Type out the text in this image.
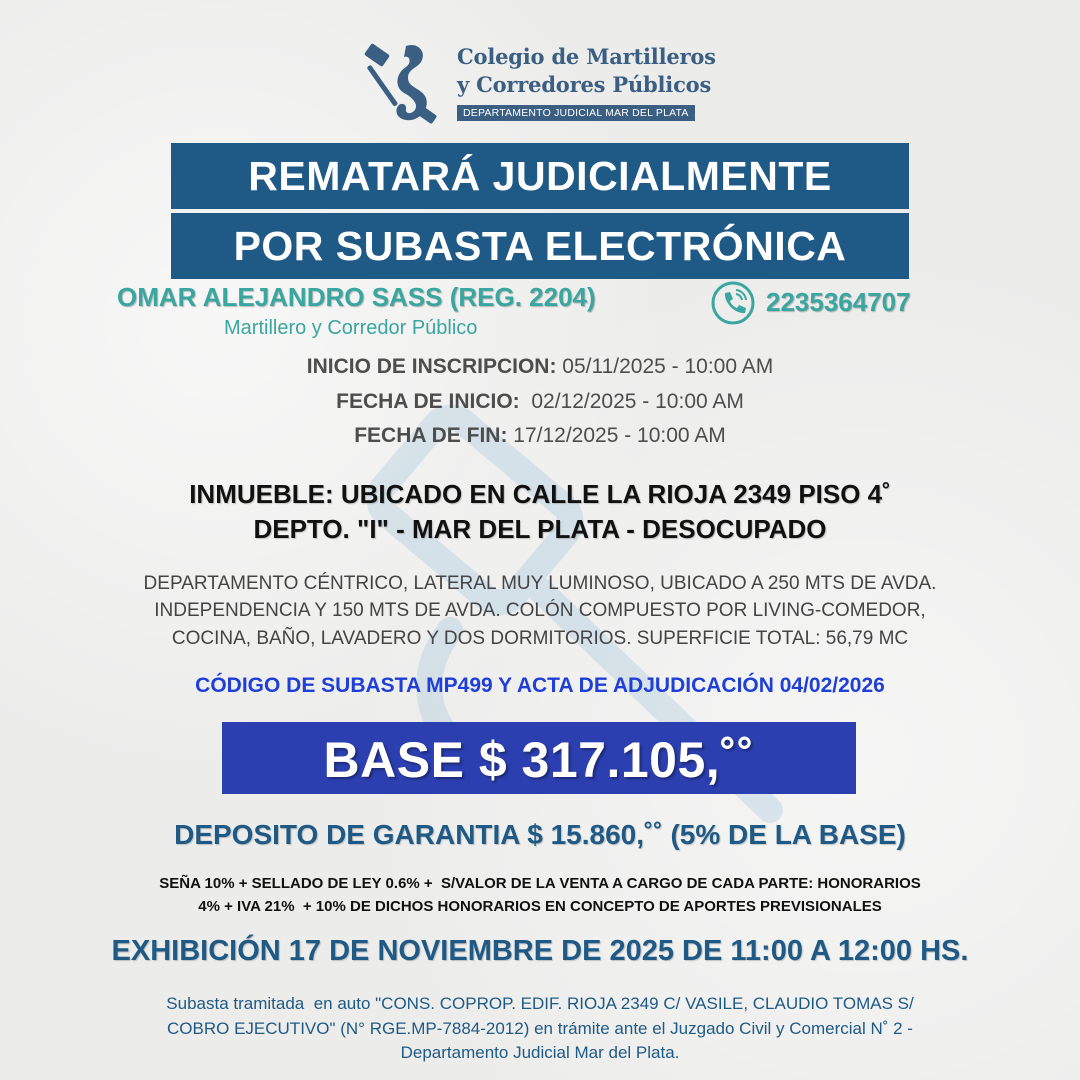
Colegio de Martilleros
y Corredores Públicos
DEPARTAMENTO JUDICIAL MAR DEL PLATA
REMATARÁ JUDICIALMENTE
POR SUBASTA ELECTRÓNICA
OMAR ALEJANDRO SASS (REG. 2204)
Martillero y Corredor Público
2235364707
INICIO DE INSCRIPCION: 05/11/2025 - 10:00 AM
FECHA DE INICIO:  02/12/2025 - 10:00 AM
FECHA DE FIN: 17/12/2025 - 10:00 AM
INMUEBLE: UBICADO EN CALLE LA RIOJA 2349 PISO 4˚
DEPTO. "I" - MAR DEL PLATA - DESOCUPADO
DEPARTAMENTO CÉNTRICO, LATERAL MUY LUMINOSO, UBICADO A 250 MTS DE AVDA.
INDEPENDENCIA Y 150 MTS DE AVDA. COLÓN COMPUESTO POR LIVING-COMEDOR,
COCINA, BAÑO, LAVADERO Y DOS DORMITORIOS. SUPERFICIE TOTAL: 56,79 MC
CÓDIGO DE SUBASTA MP499 Y ACTA DE ADJUDICACIÓN 04/02/2026
BASE $ 317.105,˚˚
DEPOSITO DE GARANTIA $ 15.860,˚˚ (5% DE LA BASE)
SEÑA 10% + SELLADO DE LEY 0.6% +  S/VALOR DE LA VENTA A CARGO DE CADA PARTE: HONORARIOS
4% + IVA 21%  + 10% DE DICHOS HONORARIOS EN CONCEPTO DE APORTES PREVISIONALES
EXHIBICIÓN 17 DE NOVIEMBRE DE 2025 DE 11:00 A 12:00 HS.
Subasta tramitada  en auto "CONS. COPROP. EDIF. RIOJA 2349 C/ VASILE, CLAUDIO TOMAS S/
COBRO EJECUTIVO" (N° RGE.MP-7884-2012) en trámite ante el Juzgado Civil y Comercial N˚ 2 -
Departamento Judicial Mar del Plata.
